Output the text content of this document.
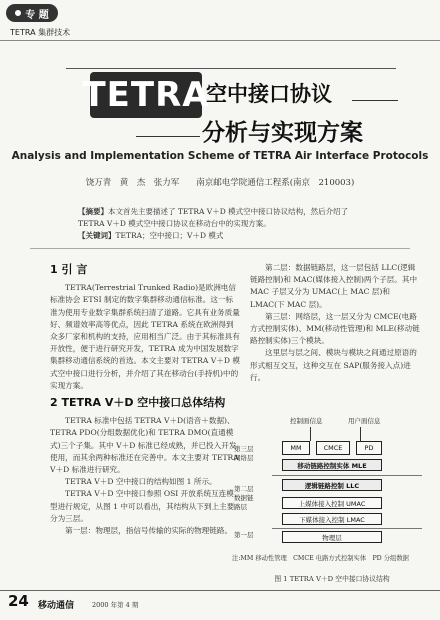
专 题
TETRA 集群技术
TETRA
空中接口协议
分析与实现方案
Analysis and Implementation Scheme of TETRA Air Interface Protocols
饶万青　黄　杰　张力军　　南京邮电学院通信工程系(南京　210003)
【摘要】本文首先主要描述了 TETRA V＋D 模式空中接口协议结构，然后介绍了 TETRA V＋D 模式空中接口协议在移动台中的实现方案。
【关键词】TETRA；空中接口；V＋D 模式
1 引 言
TETRA(Terrestrial Trunked Radio)是欧洲电信标准协会 ETSI 制定的数字集群移动通信标准。这一标准为使用专业数字集群系统扫清了道路。它具有业务质量好、频谱效率高等优点，因此 TETRA 系统在欧洲得到众多厂家和机构的支持，应用相当广泛。由于其标准具有开放性，便于进行研究开发，TETRA 成为中国发展数字集群移动通信系统的首选。本文主要对 TETRA V＋D 模式空中接口进行分析，并介绍了其在移动台(手持机)中的实现方案。
2 TETRA V＋D 空中接口总体结构
TETRA 标准中包括 TETRA V＋D(语音＋数据)、TETRA PDO(分组数据优化)和 TETRA DMO(直通模式)三个子集。其中 V＋D 标准已经成熟，并已投入开发使用，而其余两种标准还在完善中。本文主要对 TETRA V＋D 标准进行研究。
TETRA V＋D 空中接口的结构如图 1 所示。
TETRA V＋D 空中接口参照 OSI 开放系统互连模型进行规定，从图 1 中可以看出，其结构从下到上主要分为三层。
第一层：物理层，指信号传输的实际的物理链路。
第二层：数据链路层，这一层包括 LLC(逻辑链路控制)和 MAC(媒体接入控制)两个子层。其中 MAC 子层又分为 UMAC(上 MAC 层)和 LMAC(下 MAC 层)。
第三层：网络层，这一层又分为 CMCE(电路方式控制实体)、MM(移动性管理)和 MLE(移动链路控制实体)三个模块。
这里层与层之间、模块与模块之间通过原语的形式相互交互，这种交互在 SAP(服务接入点)进行。
控制面信息	用户面信息
第三层
网络层
第二层
数据链
路层
第一层
MM	CMCE	PD
移动链路控制实体 MLE
逻辑链路控制 LLC
上媒体接入控制 UMAC
下媒体接入控制 LMAC
物理层
注:MM 移动性管理　CMCE 电路方式控制实体　PD 分组数据
图 1 TETRA V＋D 空中接口协议结构
24 移动通信	2000 年第 4 期
